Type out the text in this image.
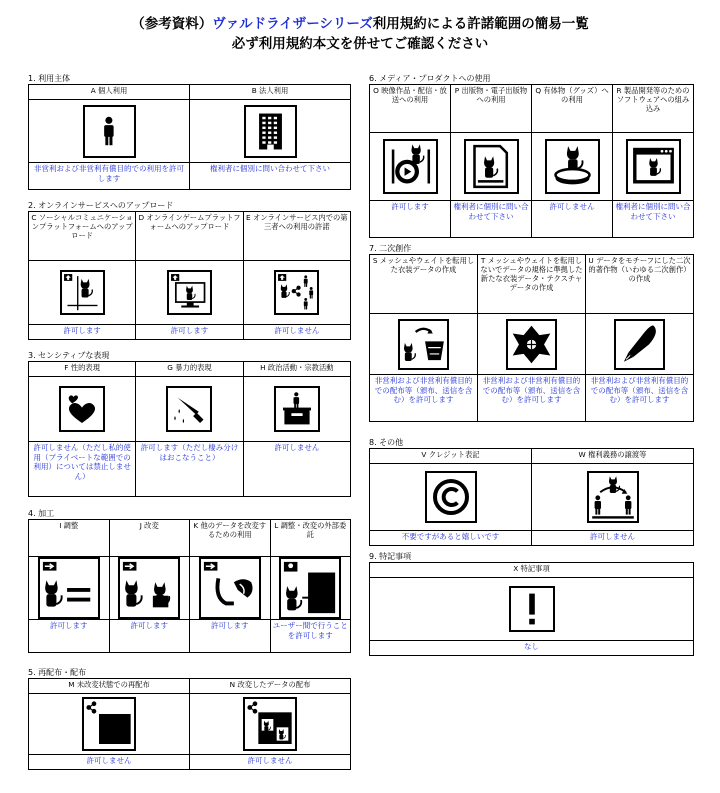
（参考資料）ヴァルドライザーシリーズ利用規約による許諾範囲の簡易一覧
必ず利用規約本文を併せてご確認ください
1. 利用主体
A 個人利用	B 法人利用

非営利および非営利有償目的での利用を許可します	権利者に個別に問い合わせて下さい
2. オンラインサービスへのアップロード
C ソーシャルコミュニケーションプラットフォームへのアップロード	D オンラインゲームプラットフォームへのアップロード	E オンラインサービス内での第三者への利用の許諾

許可します	許可します	許可しません
3. センシティブな表現
F 性的表現	G 暴力的表現	H 政治活動・宗教活動

許可しません（ただし私的使用（プライベートな範囲での利用）については禁止しません）	許可します（ただし棲み分けはおこなうこと）	許可しません
4. 加工
I 調整	J 改変	K 他のデータを改変するための利用	L 調整・改変の外部委託

許可します	許可します	許可します	ユーザー間で行うことを許可します
5. 再配布・配布
M 未改変状態での再配布	N 改変したデータの配布

許可しません	許可しません
6. メディア・プロダクトへの使用
O 映像作品・配信・放送への利用	P 出版物・電子出版物への利用	Q 有体物（グッズ）への利用	R 製品開発等のためのソフトウェアへの組み込み

許可します	権利者に個別に問い合わせて下さい	許可しません	権利者に個別に問い合わせて下さい
7. 二次創作
S メッシュやウェイトを転用した衣装データの作成	T メッシュやウェイトを転用しないでデータの規格に準拠した新たな衣装データ・テクスチャデータの作成	U データをモチーフにした二次的著作物（いわゆる二次創作）の作成

非営利および非営利有償目的での配布等（頒布、送信を含む）を許可します	非営利および非営利有償目的での配布等（頒布、送信を含む）を許可します	非営利および非営利有償目的での配布等（頒布、送信を含む）を許可します
8. その他
V クレジット表記	W 権利義務の譲渡等

不要ですがあると嬉しいです	許可しません
9. 特記事項
X 特記事項

なし
